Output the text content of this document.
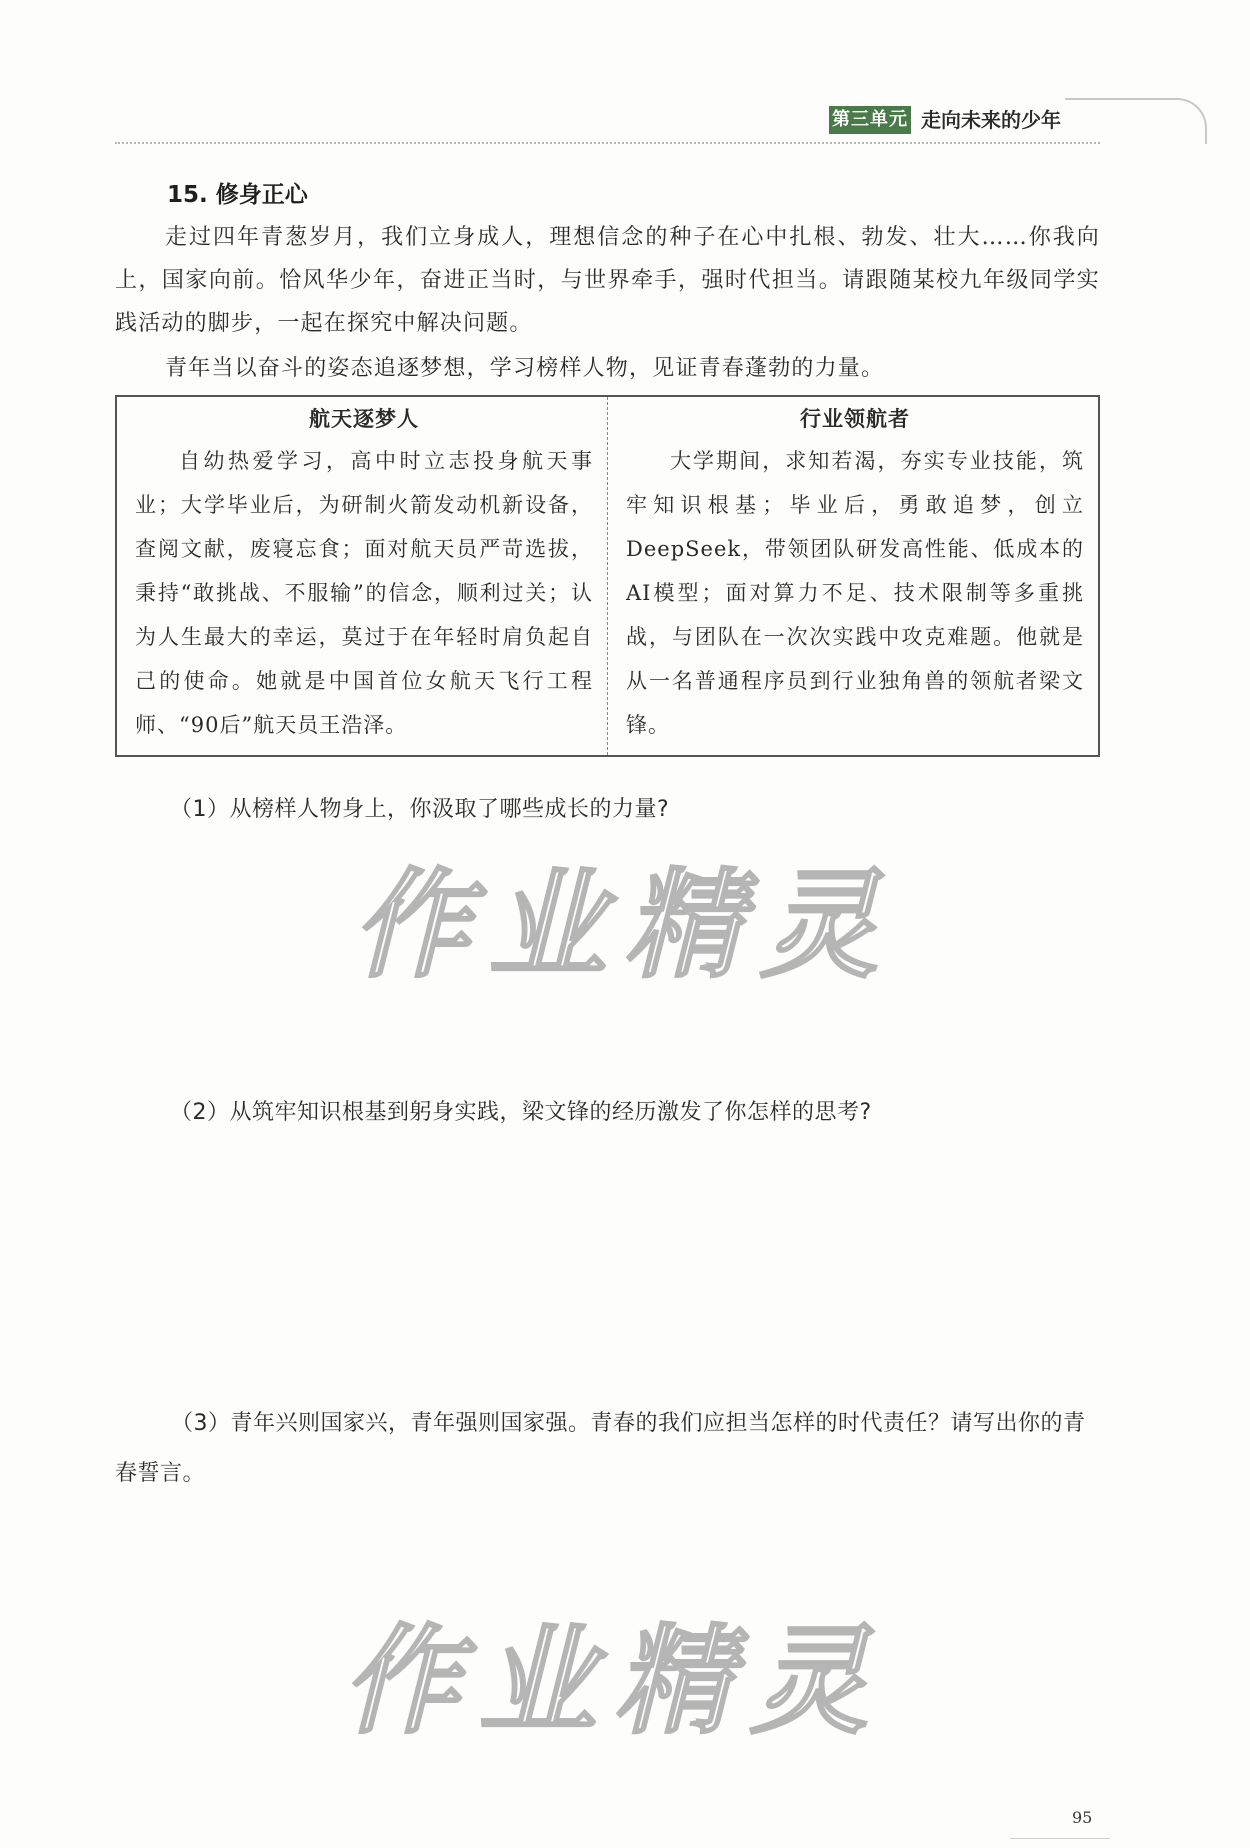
第三单元 走向未来的少年
15. 修身正心
走过四年青葱岁月，我们立身成人，理想信念的种子在心中扎根、勃发、壮大……你我向上，国家向前。恰风华少年，奋进正当时，与世界牵手，强时代担当。请跟随某校九年级同学实践活动的脚步，一起在探究中解决问题。
青年当以奋斗的姿态追逐梦想，学习榜样人物，见证青春蓬勃的力量。
航天逐梦人
自幼热爱学习，高中时立志投身航天事业；大学毕业后，为研制火箭发动机新设备，查阅文献，废寝忘食；面对航天员严苛选拔，秉持“敢挑战、不服输”的信念，顺利过关；认为人生最大的幸运，莫过于在年轻时肩负起自己的使命。她就是中国首位女航天飞行工程师、“90后”航天员王浩泽。

行业领航者
大学期间，求知若渴，夯实专业技能，筑牢知识根基；毕业后，勇敢追梦，创立DeepSeek，带领团队研发高性能、低成本的AI模型；面对算力不足、技术限制等多重挑战，与团队在一次次实践中攻克难题。他就是从一名普通程序员到行业独角兽的领航者梁文锋。
（1）从榜样人物身上，你汲取了哪些成长的力量?
作业精灵
（2）从筑牢知识根基到躬身实践，梁文锋的经历激发了你怎样的思考?
（3）青年兴则国家兴，青年强则国家强。青春的我们应担当怎样的时代责任？请写出你的青春誓言。
作业精灵
95
